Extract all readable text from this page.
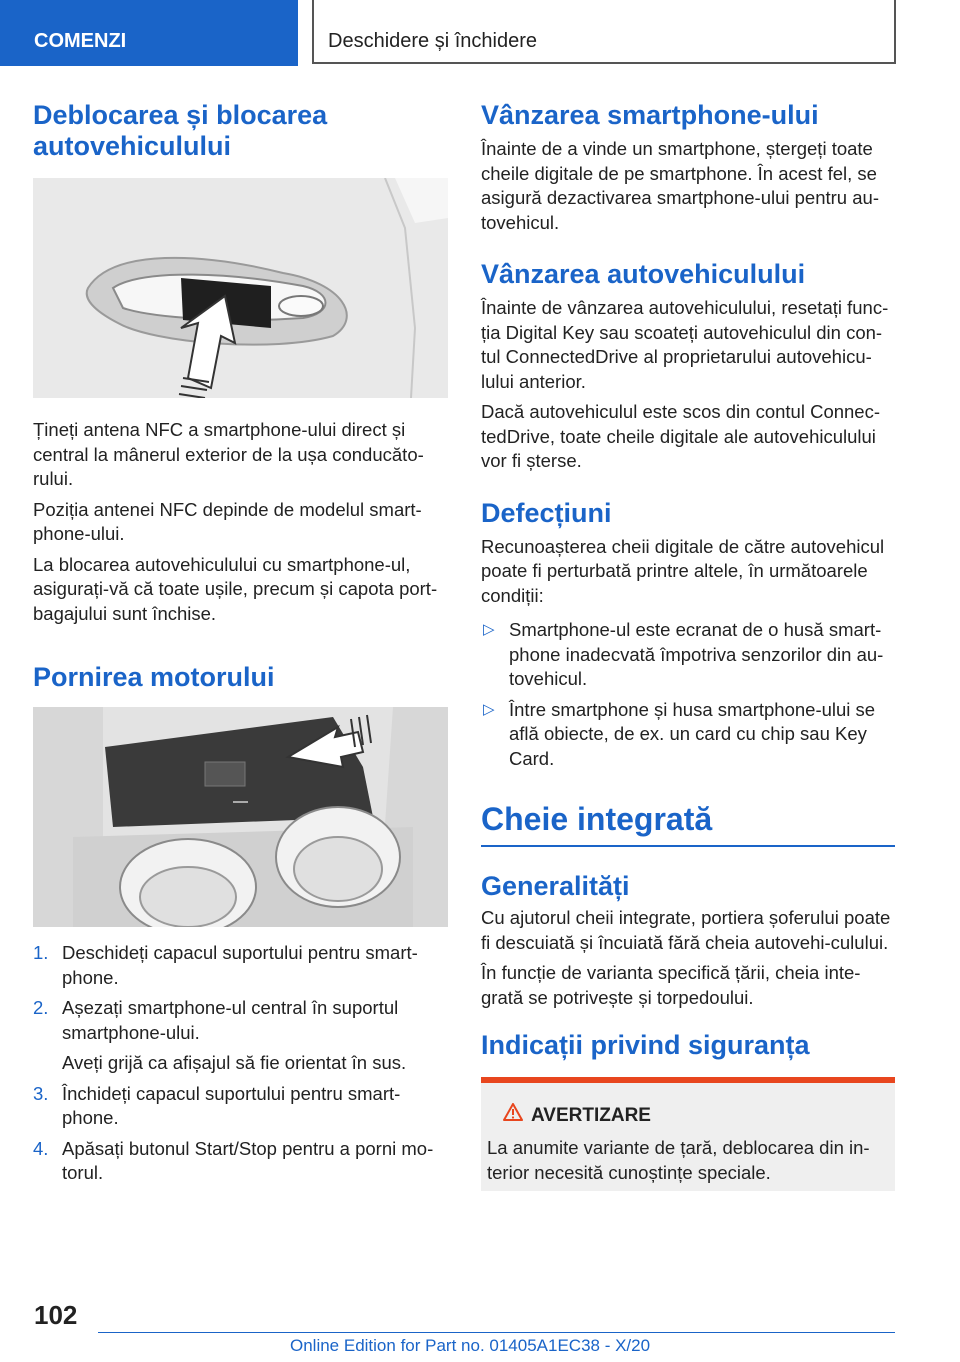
COMENZI	Deschidere și închidere
Deblocarea și blocarea
autovehiculului

Țineți antena NFC a smartphone-ului direct și central la mânerul exterior de la ușa conducăto-rului.

Poziția antenei NFC depinde de modelul smart-phone-ului.

La blocarea autovehiculului cu smartphone-ul, asigurați-vă că toate ușile, precum și capota port-bagajului sunt închise.

Pornirea motorului
1. Deschideți capacul suportului pentru smart-phone.
2. Așezați smartphone-ul central în suportul smartphone-ului.
Aveți grijă ca afișajul să fie orientat în sus.
3. Închideți capacul suportului pentru smart-phone.
4. Apăsați butonul Start/Stop pentru a porni mo-torul.
Vânzarea smartphone-ului

Înainte de a vinde un smartphone, ștergeți toate cheile digitale de pe smartphone. În acest fel, se asigură dezactivarea smartphone-ului pentru au-tovehicul.

Vânzarea autovehiculului

Înainte de vânzarea autovehiculului, resetați func-ția Digital Key sau scoateți autovehiculul din con-tul ConnectedDrive al proprietarului autovehicu-lului anterior.

Dacă autovehiculul este scos din contul Connec-tedDrive, toate cheile digitale ale autovehiculului vor fi șterse.

Defecțiuni

Recunoașterea cheii digitale de către autovehicul poate fi perturbată printre altele, în următoarele condiții:

▷ Smartphone-ul este ecranat de o husă smart-phone inadecvată împotriva senzorilor din au-tovehicul.
▷ Între smartphone și husa smartphone-ului se află obiecte, de ex. un card cu chip sau Key Card.
Cheie integrată
Generalități

Cu ajutorul cheii integrate, portiera șoferului poate fi descuiată și încuiată fără cheia autovehi-culului.

În funcție de varianta specifică țării, cheia inte-grată se potrivește și torpedoului.

Indicații privind siguranța
AVERTIZARE

La anumite variante de țară, deblocarea din in-terior necesită cunoștințe speciale.

102
Online Edition for Part no. 01405A1EC38 - X/20
